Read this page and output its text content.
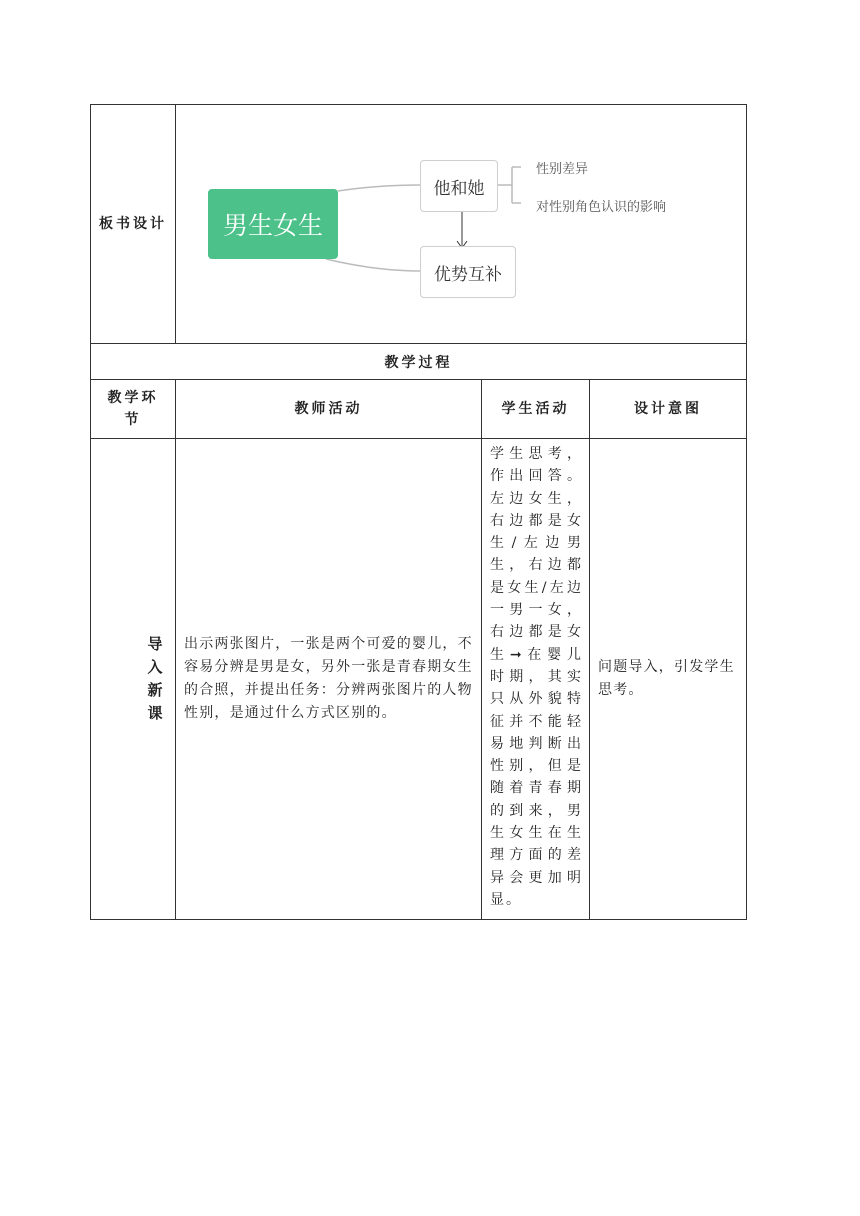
板书设计	男生女生
他和她
优势互补
性别差异
对性别角色认识的影响		

教学过程			

教学环节	教师活动	学生活动	设计意图
导入新课	出示两张图片，一张是两个可爱的婴儿，不容易分辨是男是女，另外一张是青春期女生的合照，并提出任务：分辨两张图片的人物性别，是通过什么方式区别的。	学生思考，作出回答。左边女生，右边都是女生/左边男生，右边都是女生/左边一男一女，右边都是女生➞在婴儿时期，其实只从外貌特征并不能轻易地判断出性别，但是随着青春期的到来，男生女生在生理方面的差异会更加明显。	问题导入，引发学生思考。
